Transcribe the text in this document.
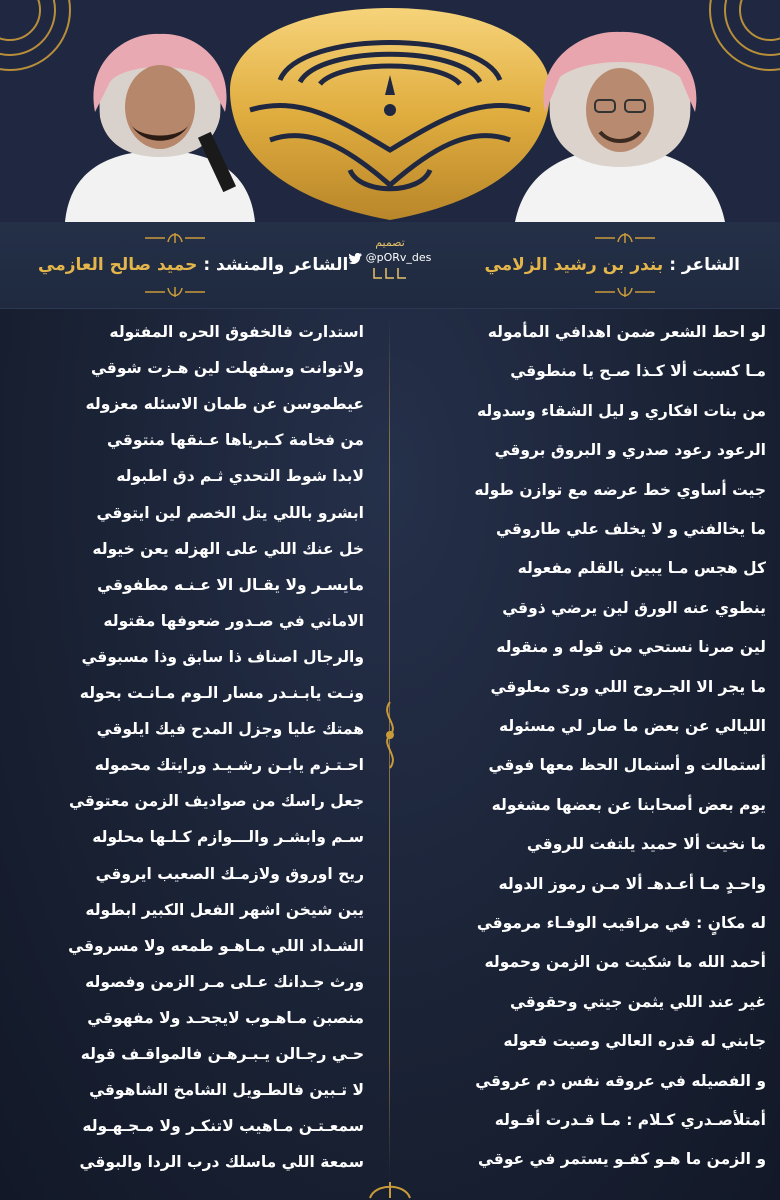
الشاعر : بندر بن رشيد الزلامي
تصميم
@pORv_des
الشاعر والمنشد : حميد صالح العازمي
لو احط الشعر ضمن اهدافي المأموله
مـا كسبت ألا كـذا صـح يا منطوقي
من بنات افكاري و ليل الشقاء وسدوله
الرعود رعود صدري و البروق بروقي
جيت أساوي خط عرضه مع توازن طوله
ما يخالفني و لا يخلف علي طاروقي
كل هجس مـا يبين بالقلم مفعوله
ينطوي عنه الورق لين يرضي ذوقي
لين صرنا نستحي من قوله و منقوله
ما يجر الا الجـروح اللي ورى معلوقي
الليالي عن بعض ما صار لي مسئوله
أستمالت و أستمال الحظ معها فوقي
يوم بعض أصحابنا عن بعضها مشغوله
ما نخيت ألا حميد يلتفت للروقي
واحـدٍ مـا أعـدهـ ألا مـن رموز الدوله
له مكانٍ : في مراقيب الوفـاء مرموقي
أحمد الله ما شكيت من الزمن وحموله
غير عند اللي يثمن جيتي وحقوقي
جابني له قدره العالي وصيت فعوله
و الفصيله في عروقه نفس دم عروقي
أمتلأصـدري كـلام : مـا قـدرت أقـوله
و الزمن ما هـو كفـو يستمر في عوقي
استدارت فالخفوق الحره المفتوله
ولاتوانت وسفهلت لين هـزت شوقي
عيطموسن عن طمان الاسئله معزوله
من فخامة كـبرياها عـنقها منتوقي
لابدا شوط التحدي ثـم دق اطبوله
ابشرو باللي يتل الخصم لين ايتوقي
خل عنك اللي على الهزله يعن خيوله
مايسـر ولا يقـال الا عـنـه مطفوقي
الاماني في صـدور ضعوفها مقتوله
والرجال اصناف ذا سابق وذا مسبوقي
ونـت يابـنـدر مسار الـوم مـانـت بحوله
همتك عليا وجزل المدح فيك ايلوقي
احـتـزم يابـن رشـيـد ورايتك محموله
جعل راسك من صواديف الزمن معتوقي
سـم وابشـر والـــوازم كـلـها محلوله
ريح اوروق ولازمـك الصعيب ايروقي
يبن شيخن اشهر الفعل الكبير ابطوله
الشـداد اللي مـاهـو طمعه ولا مسروقي
ورث جـدانك عـلى مـر الزمن وفصوله
منصبن مـاهـوب لايجحـد ولا مفهوقي
حـي رجـالن يـبـرهـن فالمواقـف قوله
لا تـبين فالطـويل الشامخ الشاهوقي
سمعـتـن مـاهيب لاتنكـر ولا مـجـهـوله
سمعة اللي ماسلك درب الردا والبوقي
